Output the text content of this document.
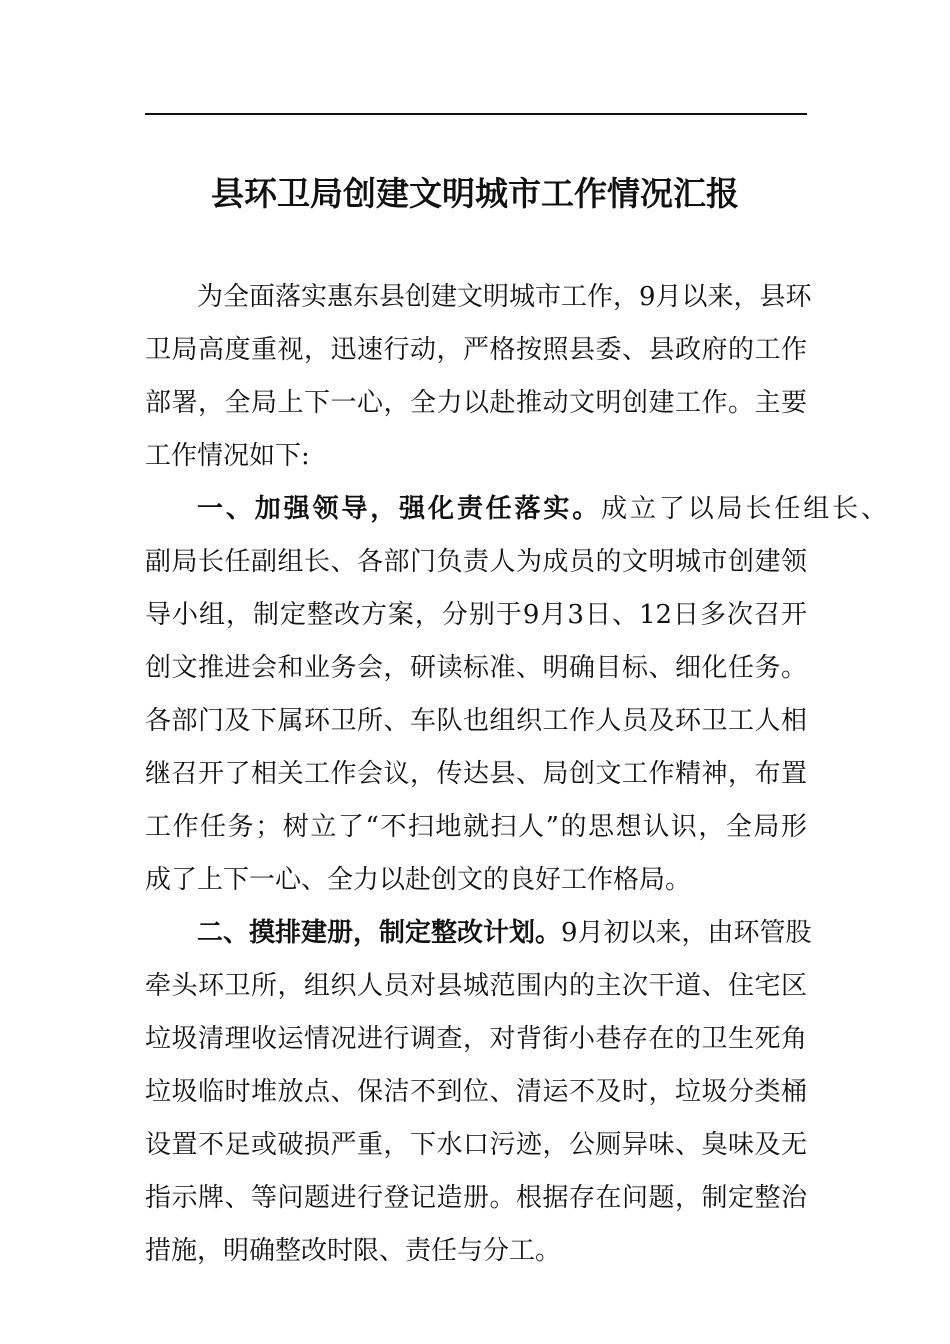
县环卫局创建文明城市工作情况汇报
为全面落实惠东县创建文明城市工作，9月以来，县环
卫局高度重视，迅速行动，严格按照县委、县政府的工作
部署，全局上下一心，全力以赴推动文明创建工作。主要
工作情况如下:
一、加强领导，强化责任落实。成立了以局长任组长、
副局长任副组长、各部门负责人为成员的文明城市创建领
导小组，制定整改方案，分别于9月3日、12日多次召开
创文推进会和业务会，研读标准、明确目标、细化任务。
各部门及下属环卫所、车队也组织工作人员及环卫工人相
继召开了相关工作会议，传达县、局创文工作精神，布置
工作任务；树立了“不扫地就扫人”的思想认识，全局形
成了上下一心、全力以赴创文的良好工作格局。
二、摸排建册，制定整改计划。9月初以来，由环管股
牵头环卫所，组织人员对县城范围内的主次干道、住宅区
垃圾清理收运情况进行调查，对背街小巷存在的卫生死角
垃圾临时堆放点、保洁不到位、清运不及时，垃圾分类桶
设置不足或破损严重，下水口污迹，公厕异味、臭味及无
指示牌、等问题进行登记造册。根据存在问题，制定整治
措施，明确整改时限、责任与分工。
